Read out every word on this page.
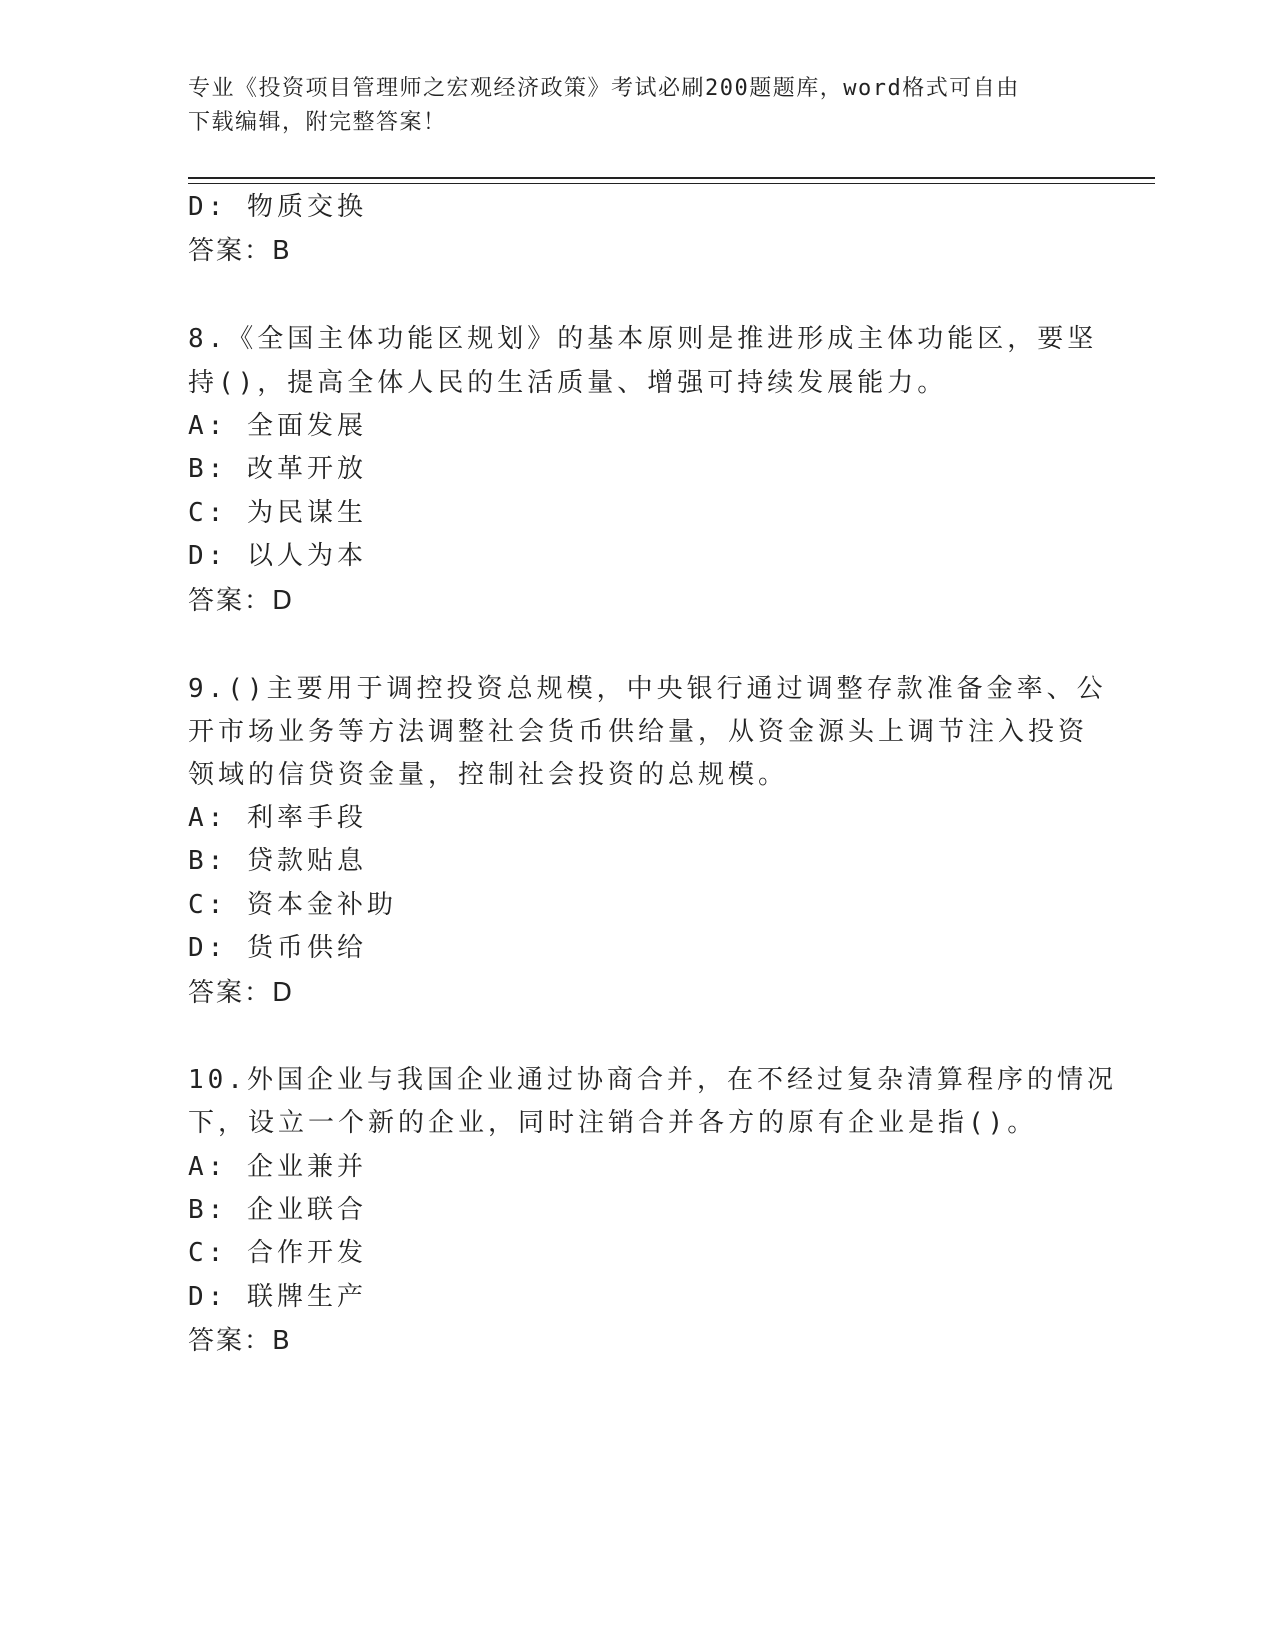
专业《投资项目管理师之宏观经济政策》考试必刷200题题库，word格式可自由
下载编辑，附完整答案！
D: 物质交换
答案：B
8.《全国主体功能区规划》的基本原则是推进形成主体功能区，要坚
持()，提高全体人民的生活质量、增强可持续发展能力。
A: 全面发展
B: 改革开放
C: 为民谋生
D: 以人为本
答案：D
9.()主要用于调控投资总规模，中央银行通过调整存款准备金率、公
开市场业务等方法调整社会货币供给量，从资金源头上调节注入投资
领域的信贷资金量，控制社会投资的总规模。
A: 利率手段
B: 贷款贴息
C: 资本金补助
D: 货币供给
答案：D
10.外国企业与我国企业通过协商合并，在不经过复杂清算程序的情况
下，设立一个新的企业，同时注销合并各方的原有企业是指()。
A: 企业兼并
B: 企业联合
C: 合作开发
D: 联牌生产
答案：B
